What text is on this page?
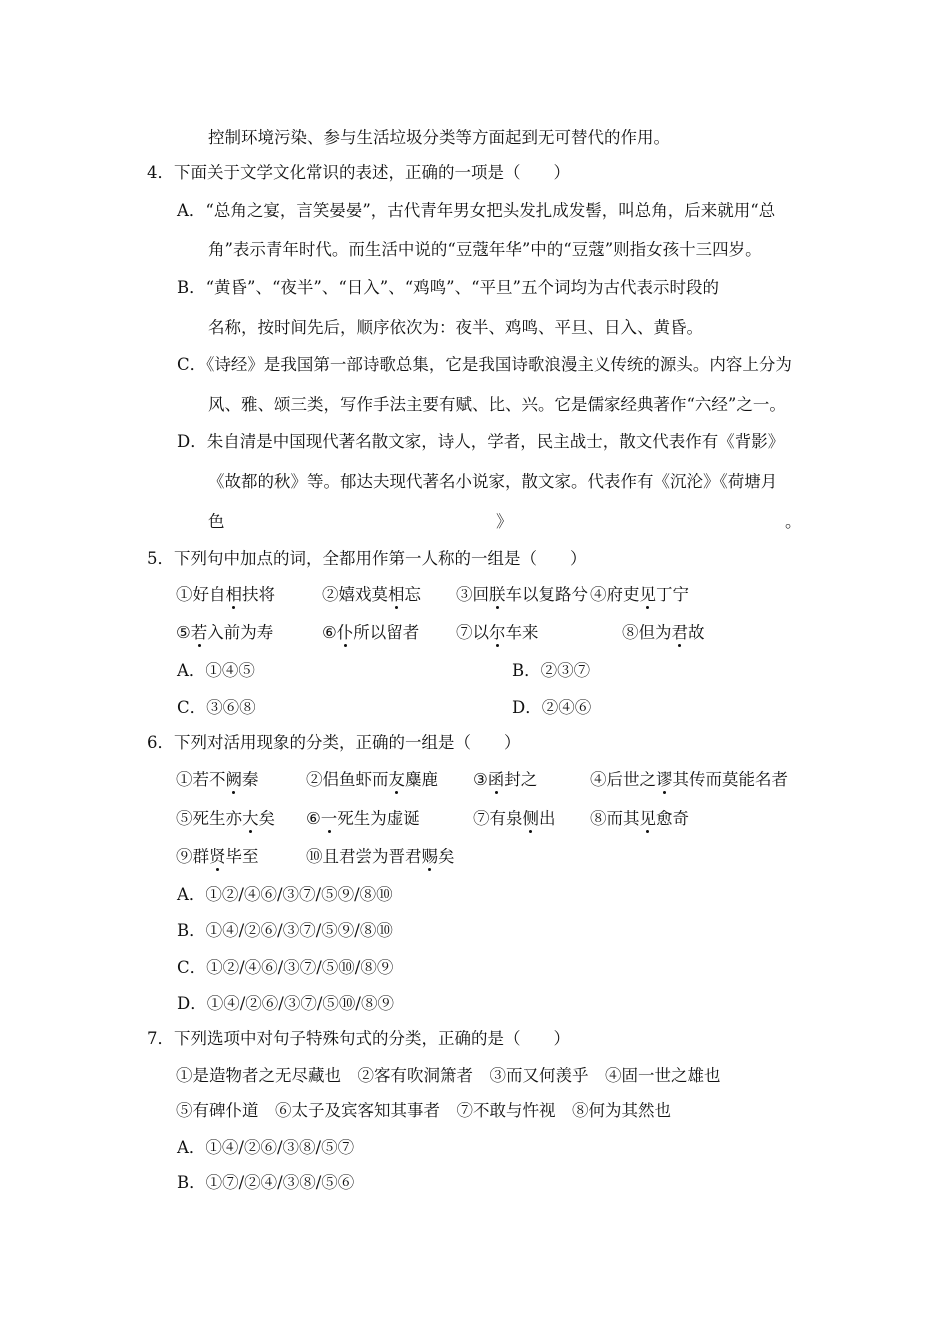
控制环境污染、参与生活垃圾分类等方面起到无可替代的作用。
4．下面关于文学文化常识的表述，正确的一项是（　　）
A．“总角之宴，言笑晏晏”，古代青年男女把头发扎成发髻，叫总角，后来就用“总
角”表示青年时代。而生活中说的“豆蔻年华”中的“豆蔻”则指女孩十三四岁。
B．“黄昏”、“夜半”、“日入”、“鸡鸣”、“平旦”五个词均为古代表示时段的
名称，按时间先后，顺序依次为：夜半、鸡鸣、平旦、日入、黄昏。
C．《诗经》是我国第一部诗歌总集，它是我国诗歌浪漫主义传统的源头。内容上分为
风、雅、颂三类，写作手法主要有赋、比、兴。它是儒家经典著作“六经”之一。
D．朱自清是中国现代著名散文家，诗人，学者，民主战士，散文代表作有《背影》
《故都的秋》等。郁达夫现代著名小说家，散文家。代表作有《沉沦》《荷塘月
色	》	。
5．下列句中加点的词，全都用作第一人称的一组是（　　）
①好自相扶将	②嬉戏莫相忘 ③回朕车以复路兮 ④府吏见丁宁
⑤若入前为寿	⑥仆所以留者 ⑦以尔车来	⑧但为君故
A．①④⑤	B．②③⑦
C．③⑥⑧	D．②④⑥
6．下列对活用现象的分类，正确的一组是（　　）
①若不阙秦	②侣鱼虾而友麋鹿 ③函封之	④后世之谬其传而莫能名者
⑤死生亦大矣 ⑥一死生为虚诞	⑦有泉侧出 ⑧而其见愈奇
⑨群贤毕至	⑩且君尝为晋君赐矣
A．①②/④⑥/③⑦/⑤⑨/⑧⑩
B．①④/②⑥/③⑦/⑤⑨/⑧⑩
C．①②/④⑥/③⑦/⑤⑩/⑧⑨
D．①④/②⑥/③⑦/⑤⑩/⑧⑨
7．下列选项中对句子特殊句式的分类，正确的是（　　）
①是造物者之无尽藏也　②客有吹洞箫者　③而又何羡乎　④固一世之雄也
⑤有碑仆道　⑥太子及宾客知其事者　⑦不敢与忤视　⑧何为其然也
A．①④/②⑥/③⑧/⑤⑦
B．①⑦/②④/③⑧/⑤⑥
